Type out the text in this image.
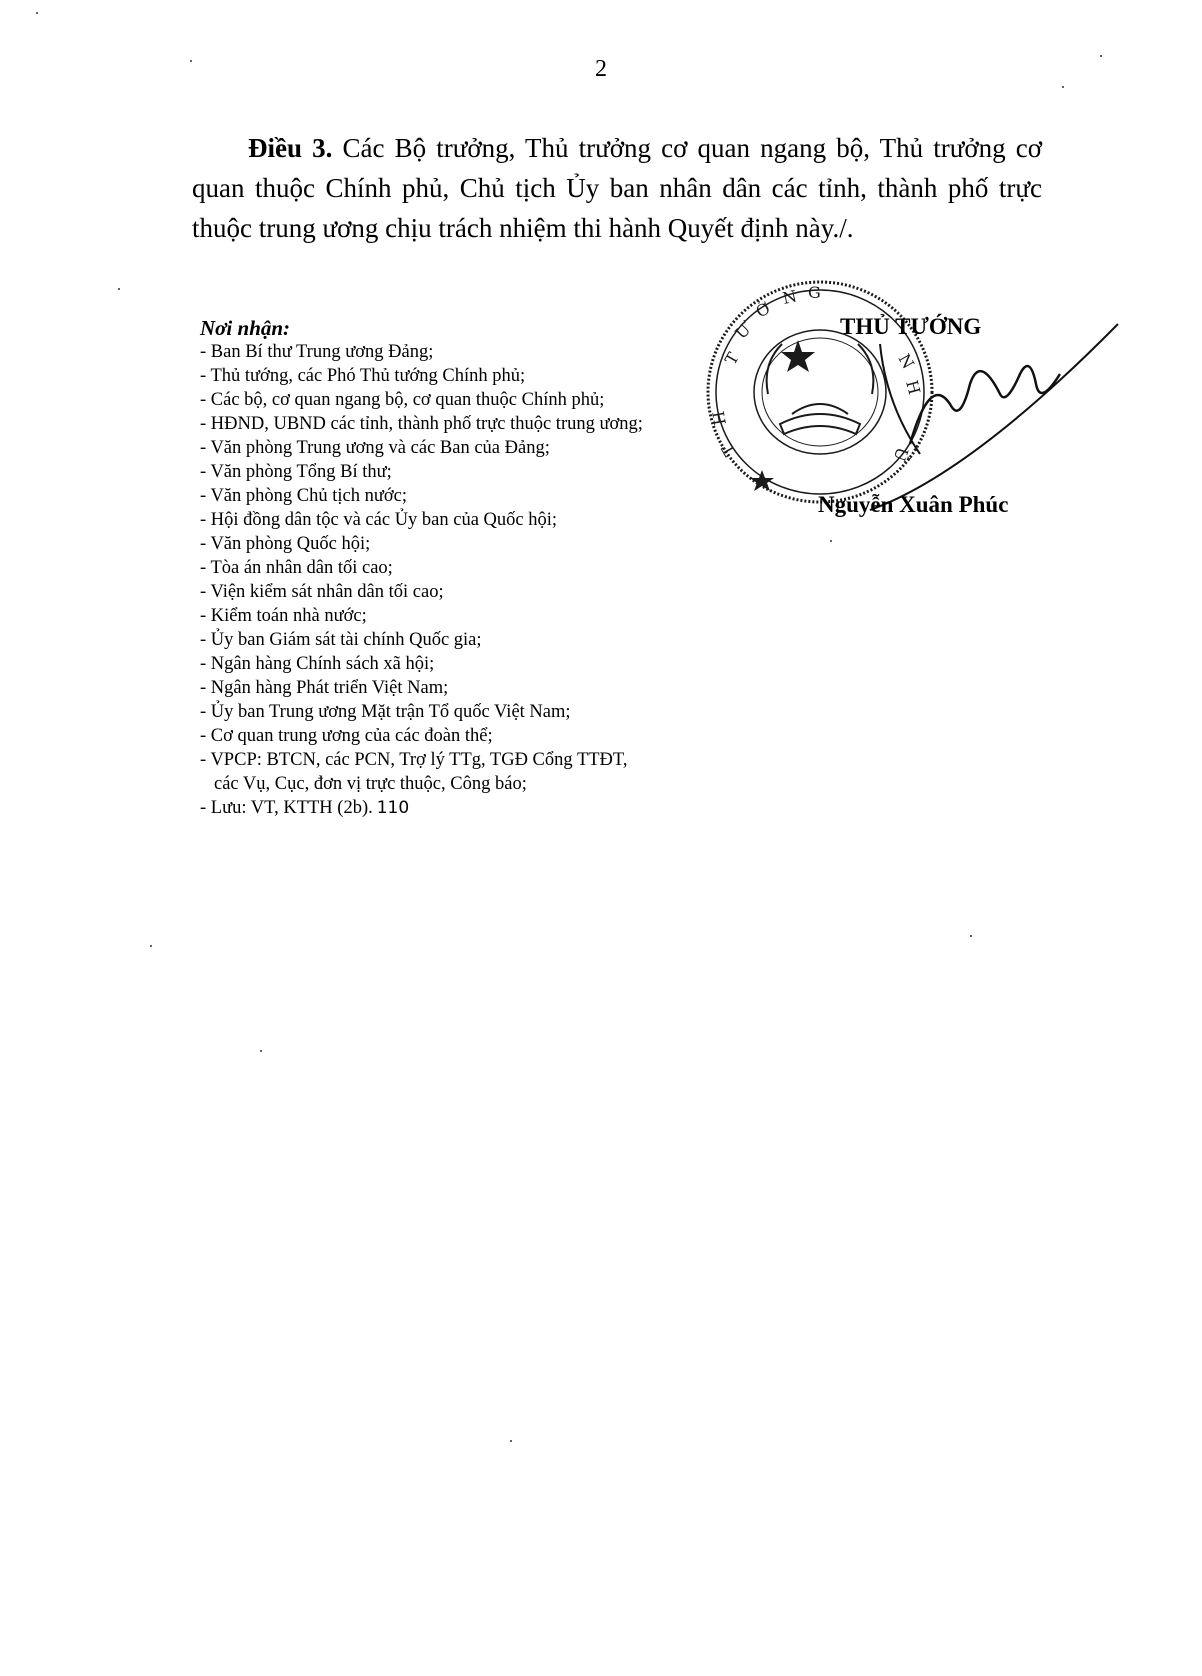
2
Điều 3. Các Bộ trưởng, Thủ trưởng cơ quan ngang bộ, Thủ trưởng cơ quan thuộc Chính phủ, Chủ tịch Ủy ban nhân dân các tỉnh, thành phố trực thuộc trung ương chịu trách nhiệm thi hành Quyết định này./.
Nơi nhận:
- Ban Bí thư Trung ương Đảng;
- Thủ tướng, các Phó Thủ tướng Chính phủ;
- Các bộ, cơ quan ngang bộ, cơ quan thuộc Chính phủ;
- HĐND, UBND các tỉnh, thành phố trực thuộc trung ương;
- Văn phòng Trung ương và các Ban của Đảng;
- Văn phòng Tổng Bí thư;
- Văn phòng Chủ tịch nước;
- Hội đồng dân tộc và các Ủy ban của Quốc hội;
- Văn phòng Quốc hội;
- Tòa án nhân dân tối cao;
- Viện kiểm sát nhân dân tối cao;
- Kiểm toán nhà nước;
- Ủy ban Giám sát tài chính Quốc gia;
- Ngân hàng Chính sách xã hội;
- Ngân hàng Phát triển Việt Nam;
- Ủy ban Trung ương Mặt trận Tổ quốc Việt Nam;
- Cơ quan trung ương của các đoàn thể;
- VPCP: BTCN, các PCN, Trợ lý TTg, TGĐ Cổng TTĐT,
các Vụ, Cục, đơn vị trực thuộc, Công báo;
- Lưu: VT, KTTH (2b). 110
T
Ư
Ớ
N G
N
H
T
H
Ủ
THỦ TƯỚNG
Nguyễn Xuân Phúc
